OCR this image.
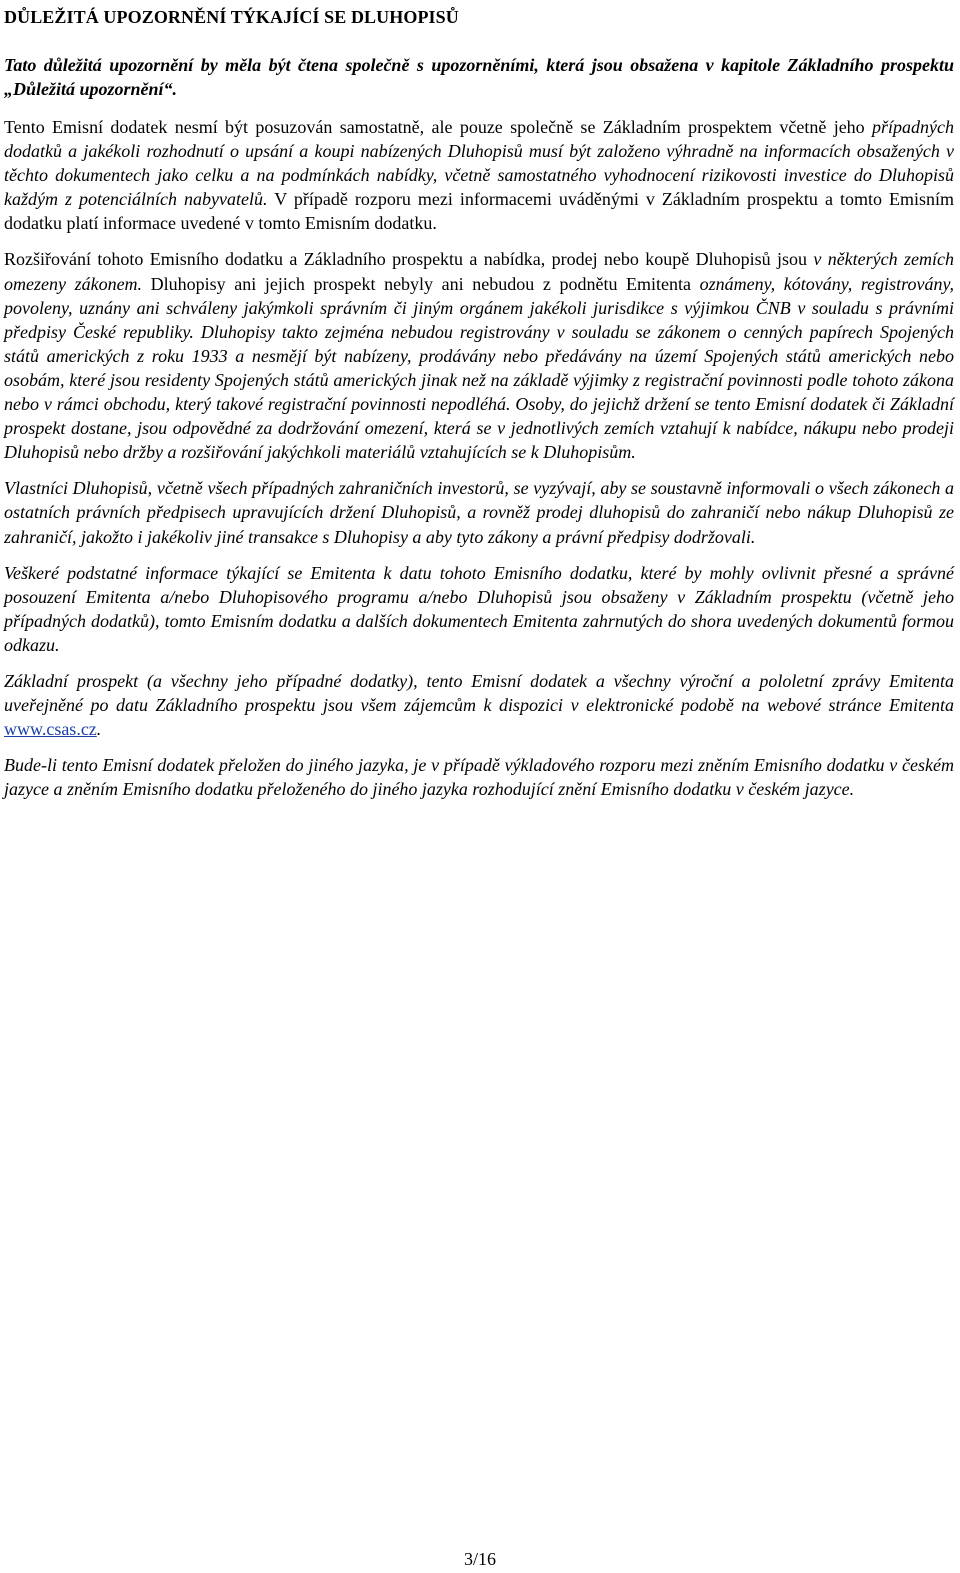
DŮLEŽITÁ UPOZORNĚNÍ TÝKAJÍCÍ SE DLUHOPISŮ

Tato důležitá upozornění by měla být čtena společně s upozorněními, která jsou obsažena v kapitole Základního prospektu „Důležitá upozornění“.

Tento Emisní dodatek nesmí být posuzován samostatně, ale pouze společně se Základním prospektem včetně jeho případných dodatků a jakékoli rozhodnutí o upsání a koupi nabízených Dluhopisů musí být založeno výhradně na informacích obsažených v těchto dokumentech jako celku a na podmínkách nabídky, včetně samostatného vyhodnocení rizikovosti investice do Dluhopisů každým z potenciálních nabyvatelů. V případě rozporu mezi informacemi uváděnými v Základním prospektu a tomto Emisním dodatku platí informace uvedené v tomto Emisním dodatku.

Rozšiřování tohoto Emisního dodatku a Základního prospektu a nabídka, prodej nebo koupě Dluhopisů jsou v některých zemích omezeny zákonem. Dluhopisy ani jejich prospekt nebyly ani nebudou z podnětu Emitenta oznámeny, kótovány, registrovány, povoleny, uznány ani schváleny jakýmkoli správním či jiným orgánem jakékoli jurisdikce s výjimkou ČNB v souladu s právními předpisy České republiky. Dluhopisy takto zejména nebudou registrovány v souladu se zákonem o cenných papírech Spojených států amerických z roku 1933 a nesmějí být nabízeny, prodávány nebo předávány na území Spojených států amerických nebo osobám, které jsou residenty Spojených států amerických jinak než na základě výjimky z registrační povinnosti podle tohoto zákona nebo v rámci obchodu, který takové registrační povinnosti nepodléhá. Osoby, do jejichž držení se tento Emisní dodatek či Základní prospekt dostane, jsou odpovědné za dodržování omezení, která se v jednotlivých zemích vztahují k nabídce, nákupu nebo prodeji Dluhopisů nebo držby a rozšiřování jakýchkoli materiálů vztahujících se k Dluhopisům.

Vlastníci Dluhopisů, včetně všech případných zahraničních investorů, se vyzývají, aby se soustavně informovali o všech zákonech a ostatních právních předpisech upravujících držení Dluhopisů, a rovněž prodej dluhopisů do zahraničí nebo nákup Dluhopisů ze zahraničí, jakožto i jakékoliv jiné transakce s Dluhopisy a aby tyto zákony a právní předpisy dodržovali.

Veškeré podstatné informace týkající se Emitenta k datu tohoto Emisního dodatku, které by mohly ovlivnit přesné a správné posouzení Emitenta a/nebo Dluhopisového programu a/nebo Dluhopisů jsou obsaženy v Základním prospektu (včetně jeho případných dodatků), tomto Emisním dodatku a dalších dokumentech Emitenta zahrnutých do shora uvedených dokumentů formou odkazu.

Základní prospekt (a všechny jeho případné dodatky), tento Emisní dodatek a všechny výroční a pololetní zprávy Emitenta uveřejněné po datu Základního prospektu jsou všem zájemcům k dispozici v elektronické podobě na webové stránce Emitenta www.csas.cz.

Bude-li tento Emisní dodatek přeložen do jiného jazyka, je v případě výkladového rozporu mezi zněním Emisního dodatku v českém jazyce a zněním Emisního dodatku přeloženého do jiného jazyka rozhodující znění Emisního dodatku v českém jazyce.

3/16
